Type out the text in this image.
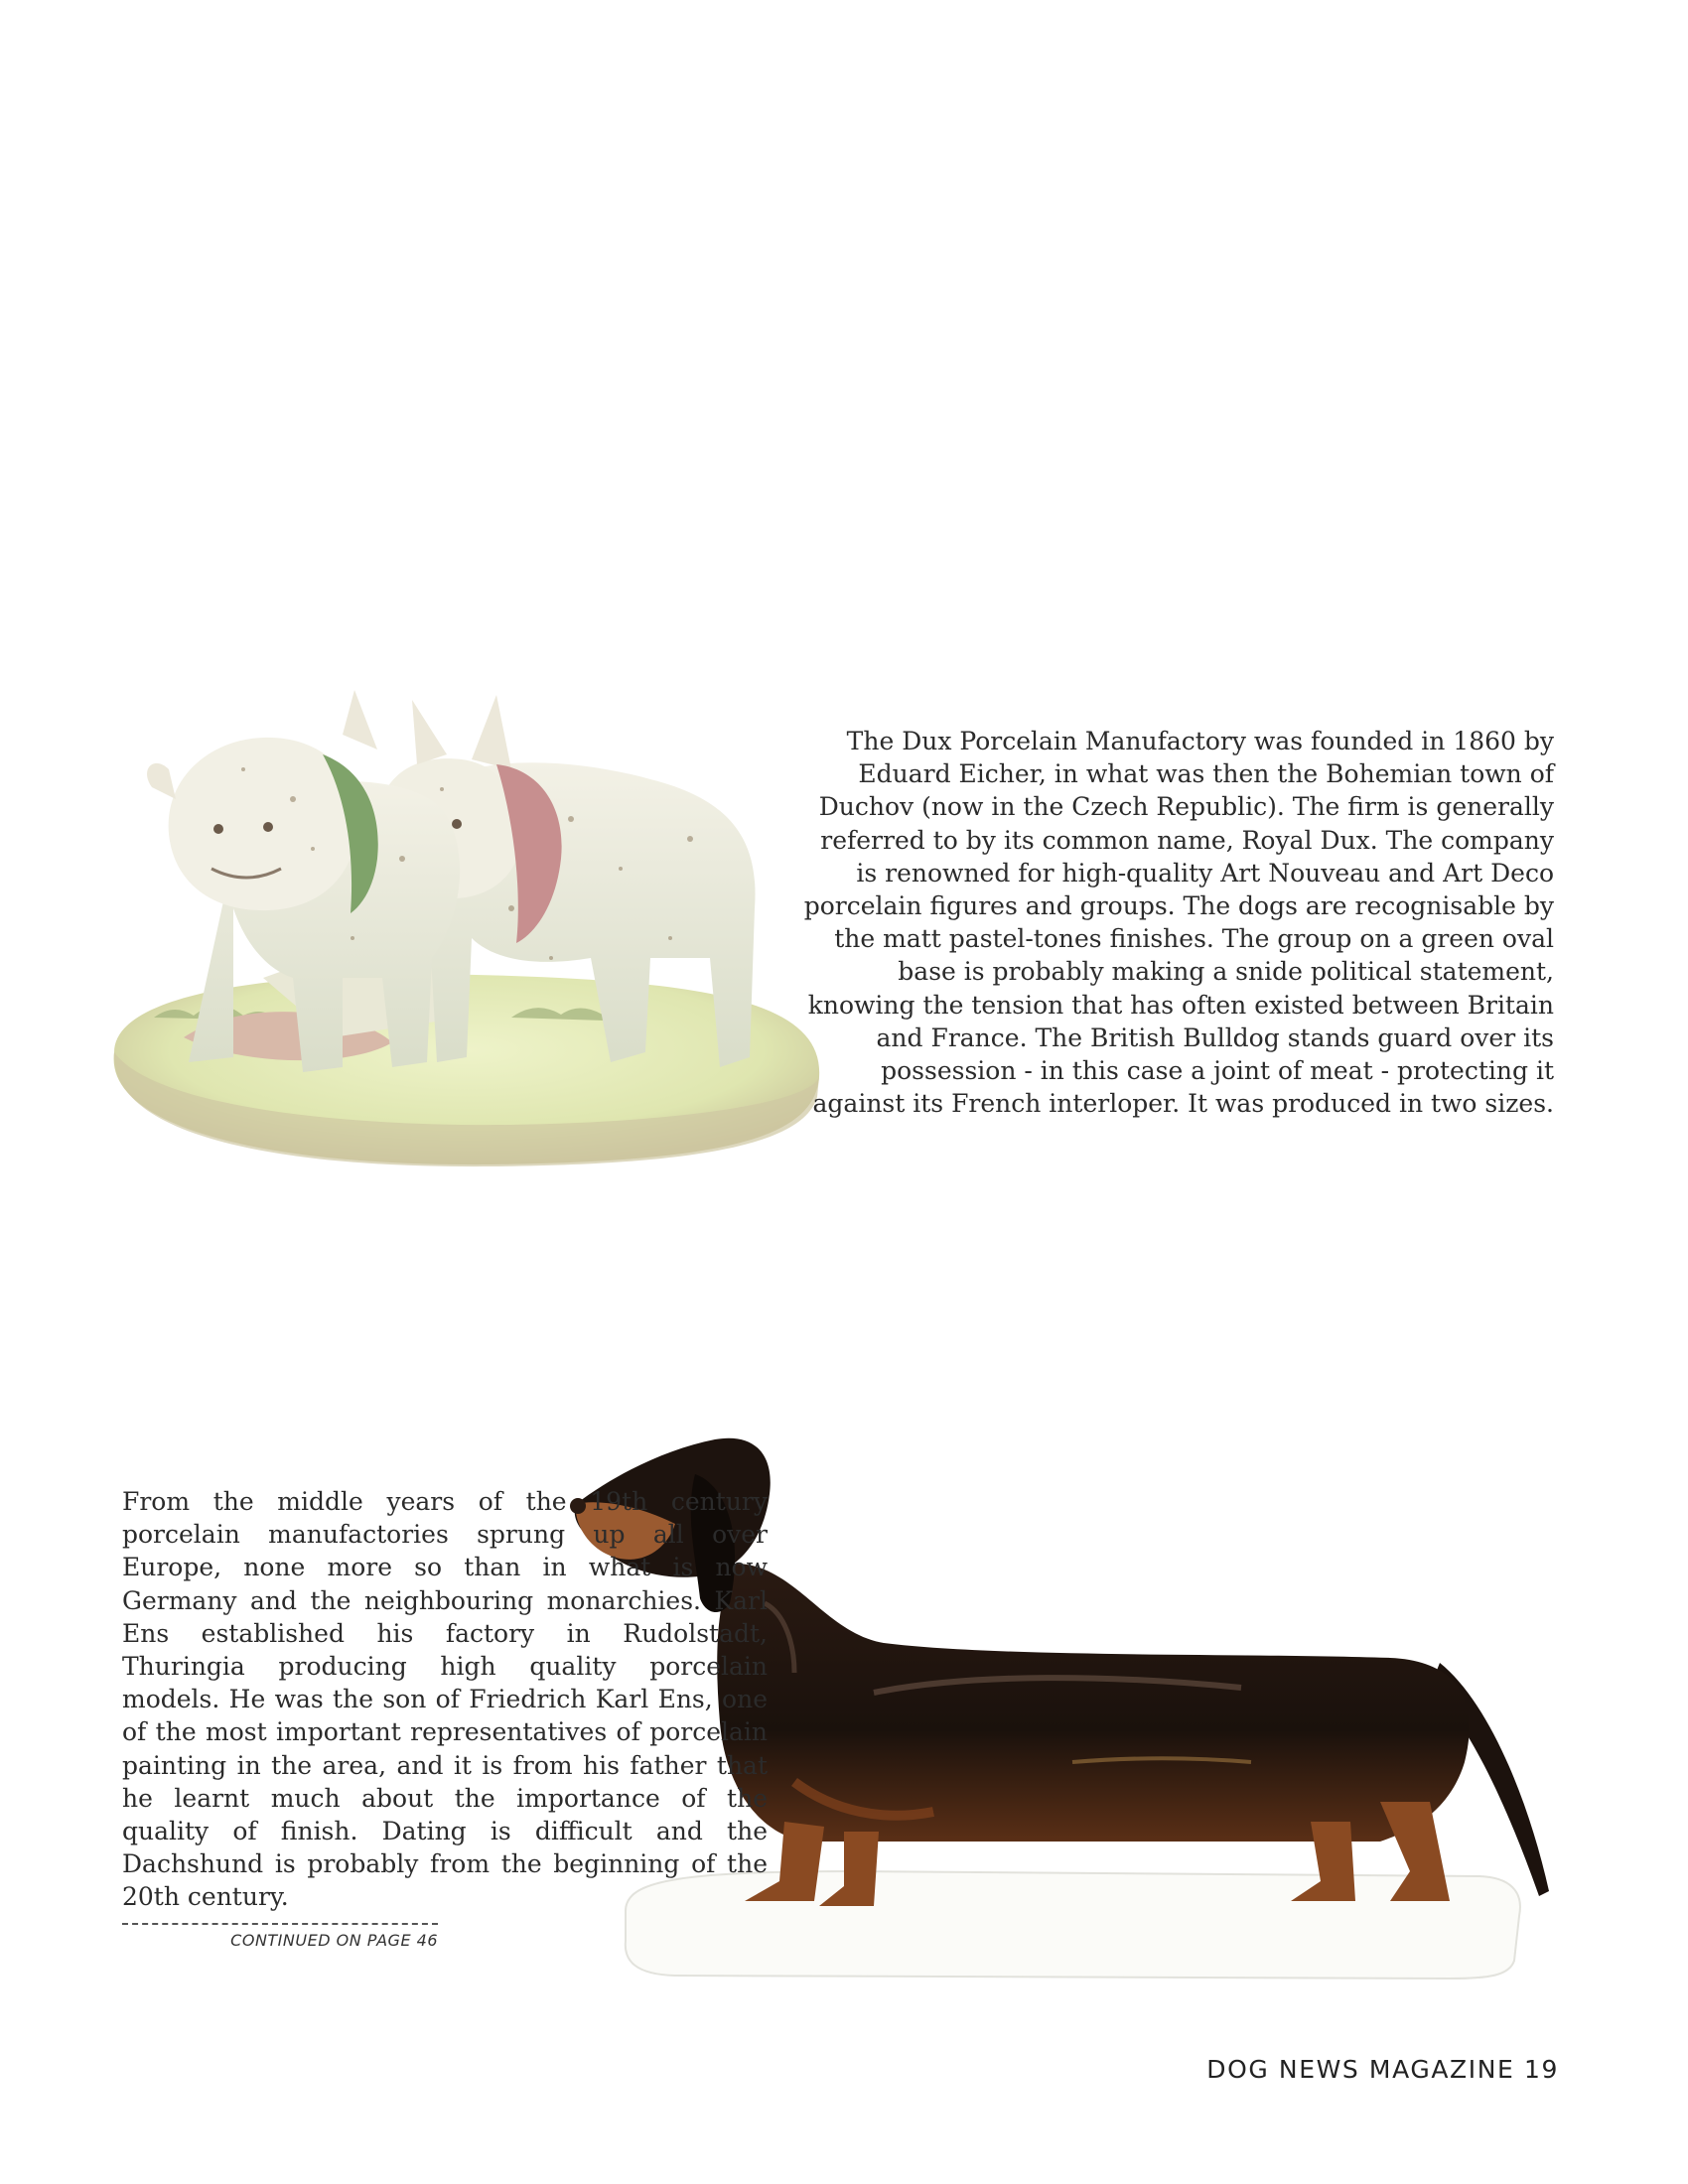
The Dux Porcelain Manufactory was founded in 1860 by Eduard Eicher, in what was then the Bohemian town of Duchov (now in the Czech Republic). The firm is generally referred to by its common name, Royal Dux. The company is renowned for high-quality Art Nouveau and Art Deco porcelain figures and groups. The dogs are recognisable by the matt pastel-tones finishes. The group on a green oval base is probably making a snide political statement, knowing the tension that has often existed between Britain and France. The British Bulldog stands guard over its possession - in this case a joint of meat - protecting it against its French interloper. It was produced in two sizes.

From the middle years of the 19th century porcelain manufactories sprung up all over Europe, none more so than in what is now Germany and the neighbouring monarchies. Karl Ens established his factory in Rudolstadt, Thuringia producing high quality porcelain models. He was the son of Friedrich Karl Ens, one of the most important representatives of porcelain painting in the area, and it is from his father that he learnt much about the importance of the quality of finish. Dating is difficult and the Dachshund is probably from the beginning of the 20th century.

CONTINUED ON PAGE 46
DOG NEWS MAGAZINE 19
